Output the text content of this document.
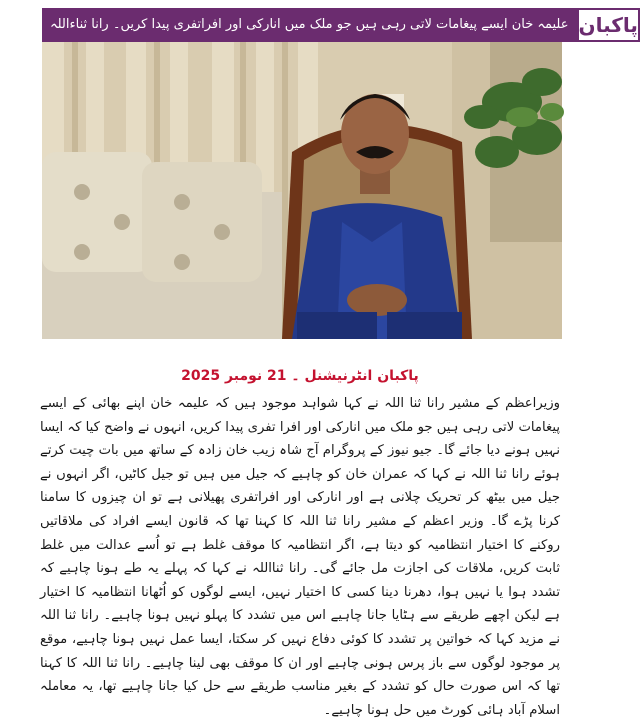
علیمہ خان ایسے پیغامات لاتی رہی ہیں جو ملک میں انارکی اور افراتفری پیدا کریں۔ رانا ثناءاللہ پاکبان
پاکبان انٹرنیشنل ۔ 21 نومبر 2025
وزیراعظم کے مشیر رانا ثنا اللہ نے کہا شواہد موجود ہیں کہ علیمہ خان اپنے بھائی کے ایسے پیغامات لاتی رہی ہیں جو ملک میں انارکی اور افرا تفری پیدا کریں، انہوں نے واضح کیا کہ ایسا نہیں ہونے دیا جائے گا۔ جیو نیوز کے پروگرام آج شاہ زیب خان زادہ کے ساتھ میں بات چیت کرتے ہوئے رانا ثنا اللہ نے کہا کہ عمران خان کو چاہیے کہ جیل میں ہیں تو جیل کاٹیں، اگر انہوں نے جیل میں بیٹھ کر تحریک چلانی ہے اور انارکی اور افراتفری پھیلانی ہے تو ان چیزوں کا سامنا کرنا پڑے گا۔ وزیر اعظم کے مشیر رانا ثنا اللہ کا کہنا تھا کہ قانون ایسے افراد کی ملاقاتیں روکنے کا اختیار انتظامیہ کو دیتا ہے، اگر انتظامیہ کا موقف غلط ہے تو اُسے عدالت میں غلط ثابت کریں، ملاقات کی اجازت مل جائے گی۔ رانا ثنااللہ نے کہا کہ پہلے یہ طے ہونا چاہیے کہ تشدد ہوا یا نہیں ہوا، دھرنا دینا کسی کا اختیار نہیں، ایسے لوگوں کو اُٹھانا انتظامیہ کا اختیار ہے لیکن اچھے طریقے سے ہٹایا جانا چاہیے اس میں تشدد کا پہلو نہیں ہونا چاہیے۔ رانا ثنا اللہ نے مزید کہا کہ خواتین پر تشدد کا کوئی دفاع نہیں کر سکتا، ایسا عمل نہیں ہونا چاہیے، موقع پر موجود لوگوں سے باز پرس ہونی چاہیے اور ان کا موقف بھی لینا چاہیے۔ رانا ثنا اللہ کا کہنا تھا کہ اس صورت حال کو تشدد کے بغیر مناسب طریقے سے حل کیا جانا چاہیے تھا، یہ معاملہ اسلام آباد ہائی کورٹ میں حل ہونا چاہیے۔
